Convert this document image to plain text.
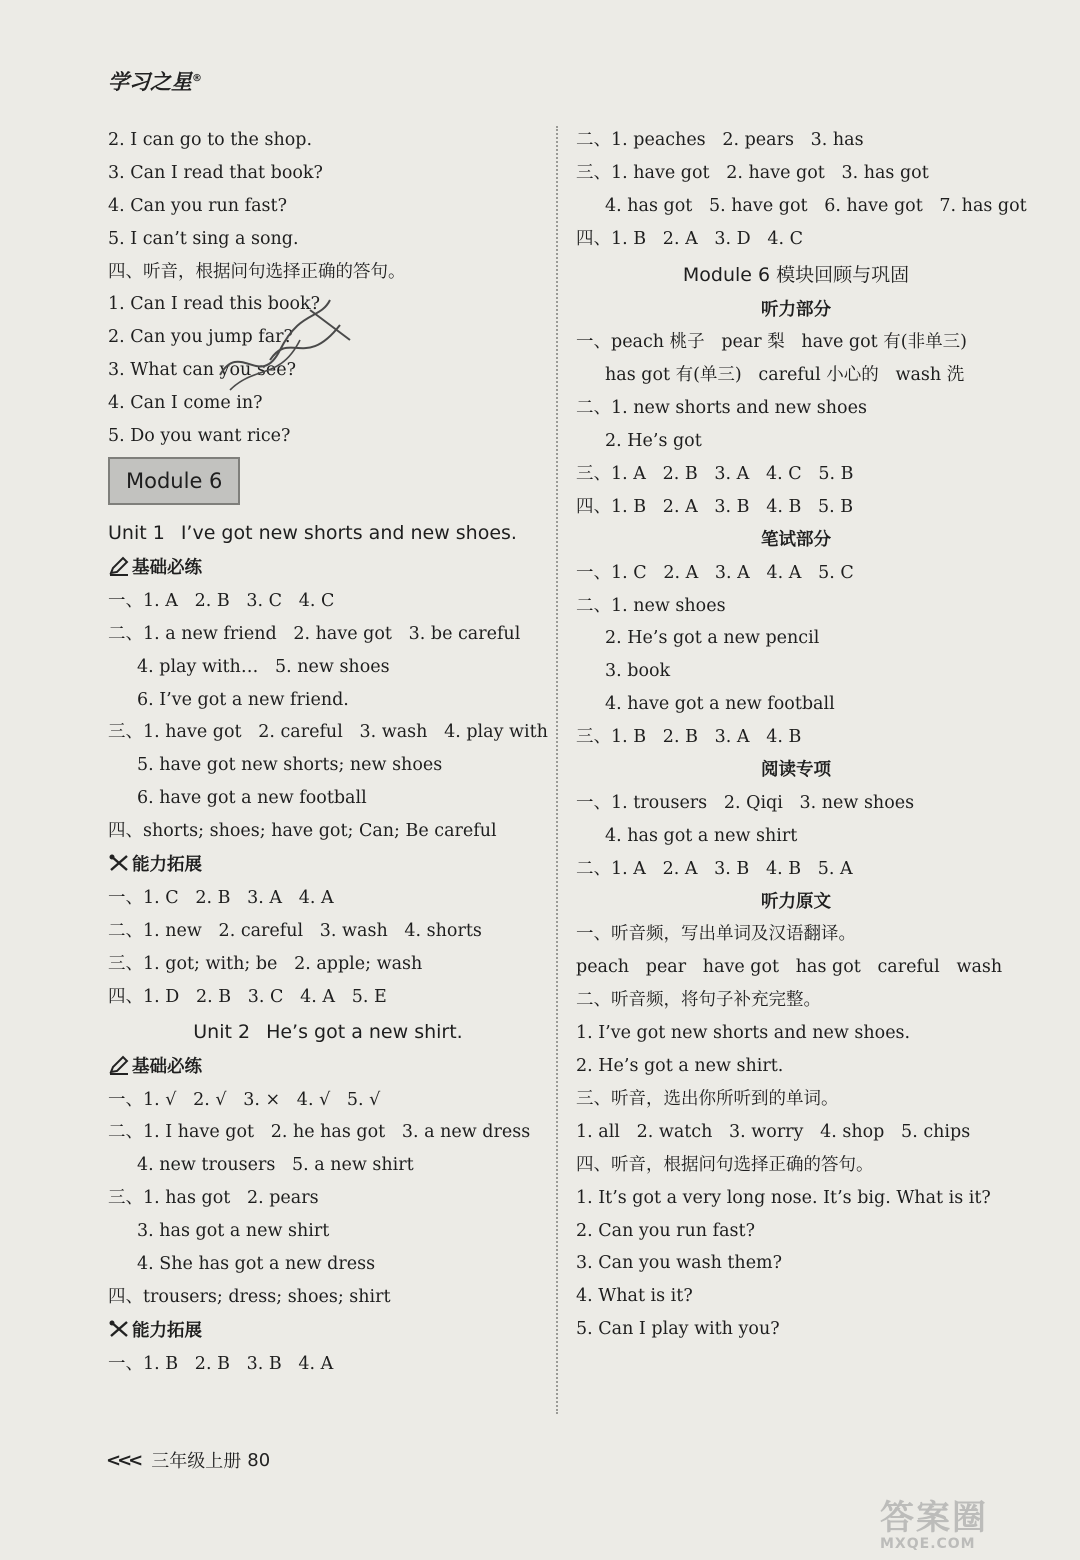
学习之星®
2. I can go to the shop.
3. Can I read that book?
4. Can you run fast?
5. I can’t sing a song.
四、听音，根据问句选择正确的答句。
1. Can I read this book?
2. Can you jump far?
3. What can you see?
4. Can I come in?
5. Do you want rice?
Module 6
Unit 1 I’ve got new shorts and new shoes.
基础必练
一、1. A   2. B   3. C   4. C
二、1. a new friend   2. have got   3. be careful
4. play with…   5. new shoes
6. I’ve got a new friend.
三、1. have got   2. careful   3. wash   4. play with
5. have got new shorts; new shoes
6. have got a new football
四、shorts; shoes; have got; Can; Be careful
能力拓展
一、1. C   2. B   3. A   4. A
二、1. new   2. careful   3. wash   4. shorts
三、1. got; with; be   2. apple; wash
四、1. D   2. B   3. C   4. A   5. E
Unit 2 He’s got a new shirt.
基础必练
一、1. √   2. √   3. ×   4. √   5. √
二、1. I have got   2. he has got   3. a new dress
4. new trousers   5. a new shirt
三、1. has got   2. pears
3. has got a new shirt
4. She has got a new dress
四、trousers; dress; shoes; shirt
能力拓展
一、1. B   2. B   3. B   4. A
二、1. peaches   2. pears   3. has
三、1. have got   2. have got   3. has got
4. has got   5. have got   6. have got   7. has got
四、1. B   2. A   3. D   4. C
Module 6 模块回顾与巩固
听力部分
一、peach 桃子   pear 梨   have got 有(非单三)
has got 有(单三)   careful 小心的   wash 洗
二、1. new shorts and new shoes
2. He’s got
三、1. A   2. B   3. A   4. C   5. B
四、1. B   2. A   3. B   4. B   5. B
笔试部分
一、1. C   2. A   3. A   4. A   5. C
二、1. new shoes
2. He’s got a new pencil
3. book
4. have got a new football
三、1. B   2. B   3. A   4. B
阅读专项
一、1. trousers   2. Qiqi   3. new shoes
4. has got a new shirt
二、1. A   2. A   3. B   4. B   5. A
听力原文
一、听音频，写出单词及汉语翻译。
peach   pear   have got   has got   careful   wash
二、听音频，将句子补充完整。
1. I’ve got new shorts and new shoes.
2. He’s got a new shirt.
三、听音，选出你所听到的单词。
1. all   2. watch   3. worry   4. shop   5. chips
四、听音，根据问句选择正确的答句。
1. It’s got a very long nose. It’s big. What is it?
2. Can you run fast?
3. Can you wash them?
4. What is it?
5. Can I play with you?
<<< 三年级上册 80
答案圈
MXQE.COM
